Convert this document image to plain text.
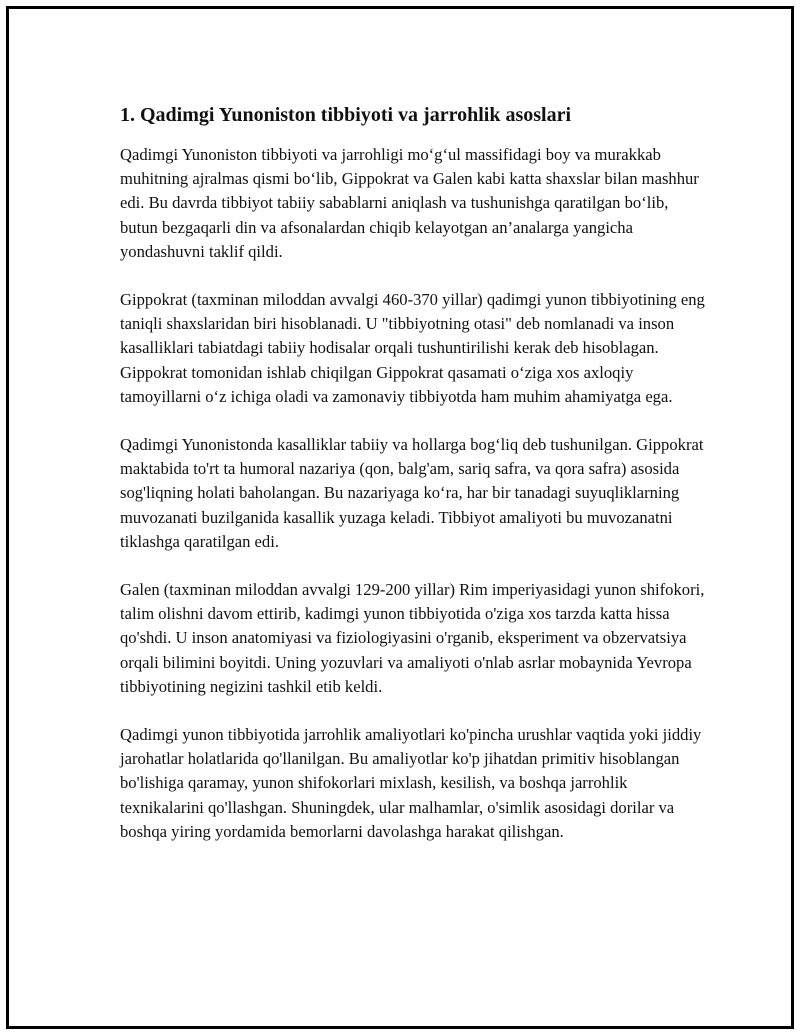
1. Qadimgi Yunoniston tibbiyoti va jarrohlik asoslari

Qadimgi Yunoniston tibbiyoti va jarrohligi mo‘g‘ul massifidagi boy va murakkab muhitning ajralmas qismi bo‘lib, Gippokrat va Galen kabi katta shaxslar bilan mashhur edi. Bu davrda tibbiyot tabiiy sabablarni aniqlash va tushunishga qaratilgan bo‘lib, butun bezgaqarli din va afsonalardan chiqib kelayotgan an’analarga yangicha yondashuvni taklif qildi.

Gippokrat (taxminan miloddan avvalgi 460-370 yillar) qadimgi yunon tibbiyotining eng taniqli shaxslaridan biri hisoblanadi. U "tibbiyotning otasi" deb nomlanadi va inson kasalliklari tabiatdagi tabiiy hodisalar orqali tushuntirilishi kerak deb hisoblagan. Gippokrat tomonidan ishlab chiqilgan Gippokrat qasamati o‘ziga xos axloqiy tamoyillarni o‘z ichiga oladi va zamonaviy tibbiyotda ham muhim ahamiyatga ega.

Qadimgi Yunonistonda kasalliklar tabiiy va hollarga bog‘liq deb tushunilgan. Gippokrat maktabida to'rt ta humoral nazariya (qon, balg'am, sariq safra, va qora safra) asosida sog'liqning holati baholangan. Bu nazariyaga ko‘ra, har bir tanadagi suyuqliklarning muvozanati buzilganida kasallik yuzaga keladi. Tibbiyot amaliyoti bu muvozanatni tiklashga qaratilgan edi.

Galen (taxminan miloddan avvalgi 129-200 yillar) Rim imperiyasidagi yunon shifokori, talim olishni davom ettirib, kadimgi yunon tibbiyotida o'ziga xos tarzda katta hissa qo'shdi. U inson anatomiyasi va fiziologiyasini o'rganib, eksperiment va obzervatsiya orqali bilimini boyitdi. Uning yozuvlari va amaliyoti o'nlab asrlar mobaynida Yevropa tibbiyotining negizini tashkil etib keldi.

Qadimgi yunon tibbiyotida jarrohlik amaliyotlari ko'pincha urushlar vaqtida yoki jiddiy jarohatlar holatlarida qo'llanilgan. Bu amaliyotlar ko'p jihatdan primitiv hisoblangan bo'lishiga qaramay, yunon shifokorlari mixlash, kesilish, va boshqa jarrohlik texnikalarini qo'llashgan. Shuningdek, ular malhamlar, o'simlik asosidagi dorilar va boshqa yiring yordamida bemorlarni davolashga harakat qilishgan.
